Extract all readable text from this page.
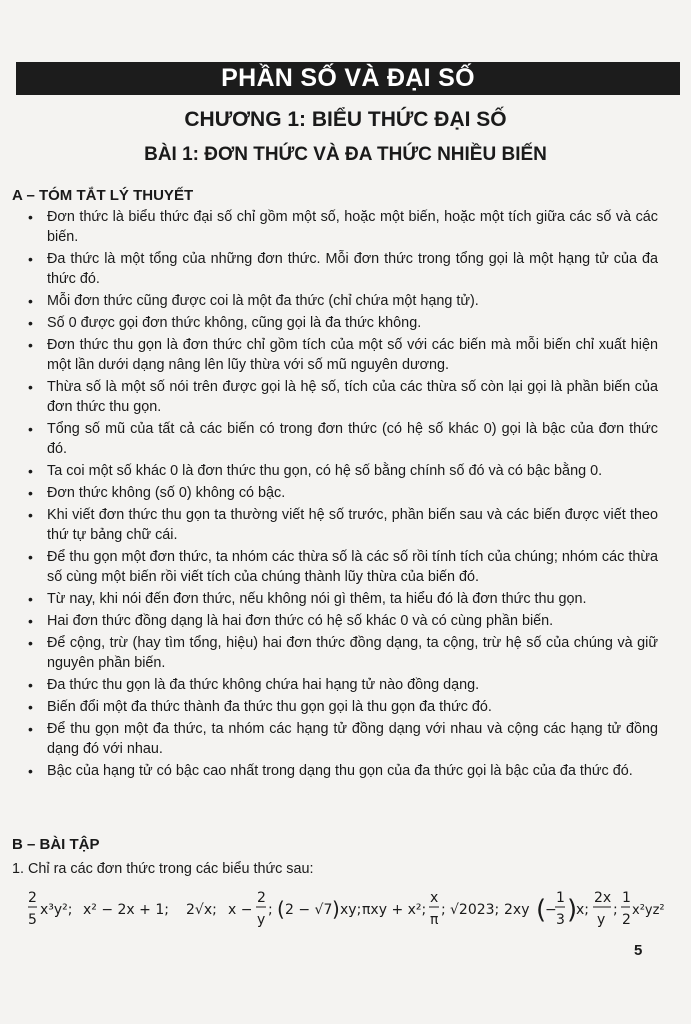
PHẦN SỐ VÀ ĐẠI SỐ
CHƯƠNG 1: BIỂU THỨC ĐẠI SỐ
BÀI 1: ĐƠN THỨC VÀ ĐA THỨC NHIỀU BIẾN
A – TÓM TẮT LÝ THUYẾT
• Đơn thức là biểu thức đại số chỉ gồm một số, hoặc một biến, hoặc một tích giữa các số và các biến.
• Đa thức là một tổng của những đơn thức. Mỗi đơn thức trong tổng gọi là một hạng tử của đa thức đó.
• Mỗi đơn thức cũng được coi là một đa thức (chỉ chứa một hạng tử).
• Số 0 được gọi đơn thức không, cũng gọi là đa thức không.
• Đơn thức thu gọn là đơn thức chỉ gồm tích của một số với các biến mà mỗi biến chỉ xuất hiện một lần dưới dạng nâng lên lũy thừa với số mũ nguyên dương.
• Thừa số là một số nói trên được gọi là hệ số, tích của các thừa số còn lại gọi là phần biến của đơn thức thu gọn.
• Tổng số mũ của tất cả các biến có trong đơn thức (có hệ số khác 0) gọi là bậc của đơn thức đó.
• Ta coi một số khác 0 là đơn thức thu gọn, có hệ số bằng chính số đó và có bậc bằng 0.
• Đơn thức không (số 0) không có bậc.
• Khi viết đơn thức thu gọn ta thường viết hệ số trước, phần biến sau và các biến được viết theo thứ tự bảng chữ cái.
• Để thu gọn một đơn thức, ta nhóm các thừa số là các số rồi tính tích của chúng; nhóm các thừa số cùng một biến rồi viết tích của chúng thành lũy thừa của biến đó.
• Từ nay, khi nói đến đơn thức, nếu không nói gì thêm, ta hiểu đó là đơn thức thu gọn.
• Hai đơn thức đồng dạng là hai đơn thức có hệ số khác 0 và có cùng phần biến.
• Để cộng, trừ (hay tìm tổng, hiệu) hai đơn thức đồng dạng, ta cộng, trừ hệ số của chúng và giữ nguyên phần biến.
• Đa thức thu gọn là đa thức không chứa hai hạng tử nào đồng dạng.
• Biến đổi một đa thức thành đa thức thu gọn gọi là thu gọn đa thức đó.
• Để thu gọn một đa thức, ta nhóm các hạng tử đồng dạng với nhau và cộng các hạng tử đồng dạng đó với nhau.
• Bậc của hạng tử có bậc cao nhất trong dạng thu gọn của đa thức gọi là bậc của đa thức đó.
B – BÀI TẬP
1. Chỉ ra các đơn thức trong các biểu thức sau:
2
5
x³y²; x² − 2x + 1; 2√x; x −
2
y
; ( 2 − √7 ) xy; πxy + x²;
x
π
; √2023; 2xy (
−
1
3 )
x;
2x
y
;
1
2
x²yz²
5
